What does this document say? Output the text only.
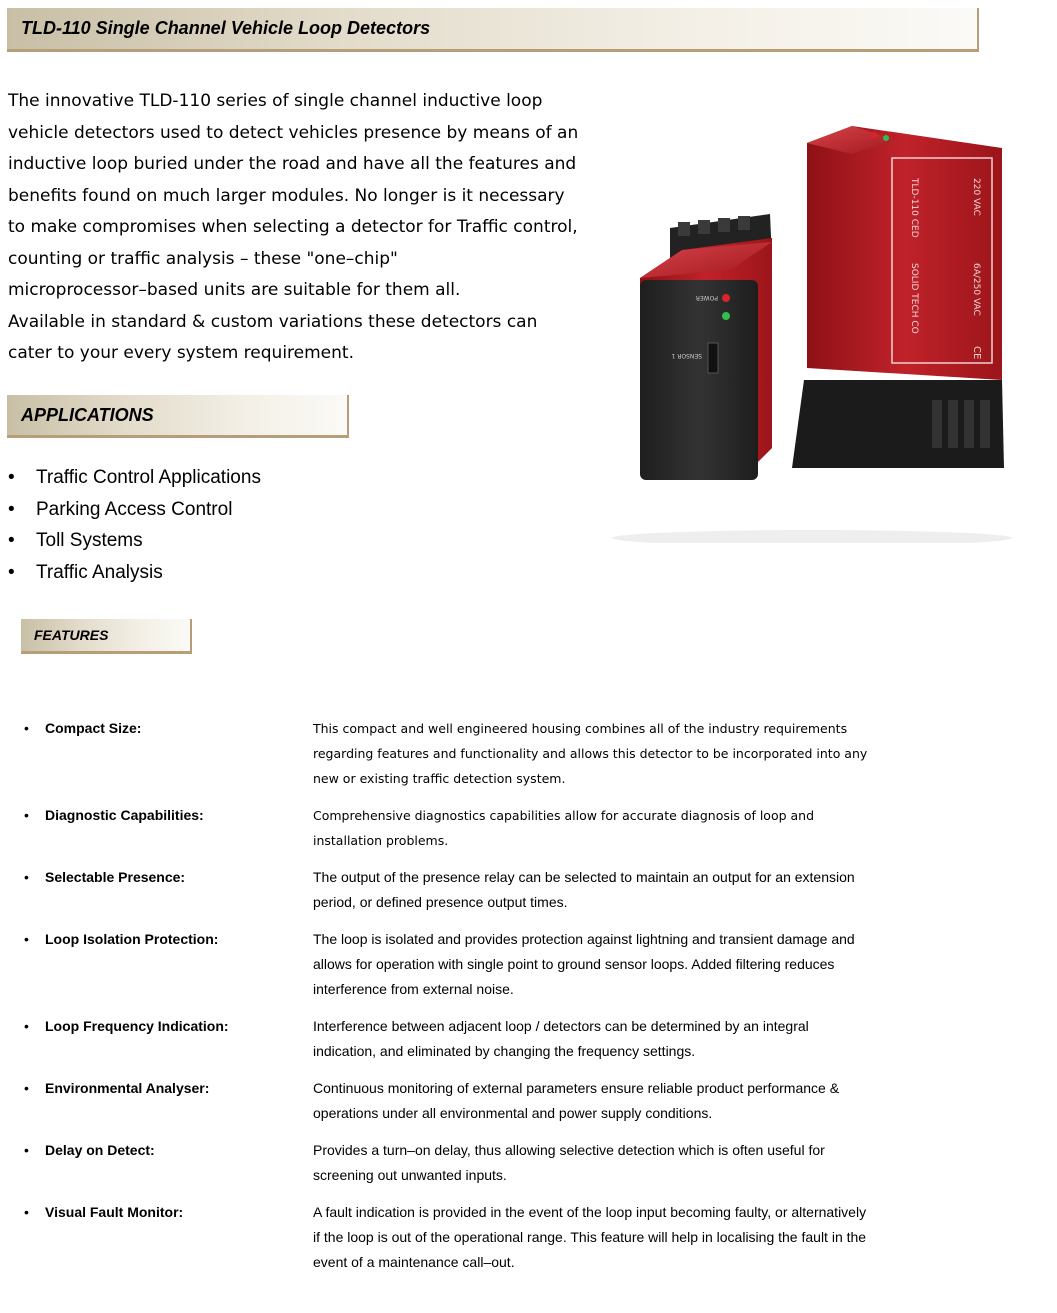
TLD-110 Single Channel Vehicle Loop Detectors
The innovative TLD-110 series of single channel inductive loop
vehicle detectors used to detect vehicles presence by means of an
inductive loop buried under the road and have all the features and
benefits found on much larger modules. No longer is it necessary
to make compromises when selecting a detector for Traffic control,
counting or traffic analysis – these "one–chip"
microprocessor–based units are suitable for them all.
Available in standard & custom variations these detectors can
cater to your every system requirement.
APPLICATIONS
• Traffic Control Applications
• Parking Access Control
• Toll Systems
• Traffic Analysis
FEATURES
• Compact Size:	This compact and well engineered housing combines all of the industry requirements regarding features and functionality and allows this detector to be incorporated into any new or existing traffic detection system.
• Diagnostic Capabilities:	Comprehensive diagnostics capabilities allow for accurate diagnosis of loop and installation problems.
• Selectable Presence:	The output of the presence relay can be selected to maintain an output for an extension period, or defined presence output times.
• Loop Isolation Protection:	The loop is isolated and provides protection against lightning and transient damage and allows for operation with single point to ground sensor loops. Added filtering reduces interference from external noise.
• Loop Frequency Indication:	Interference between adjacent loop / detectors can be determined by an integral indication, and eliminated by changing the frequency settings.
• Environmental Analyser:	Continuous monitoring of external parameters ensure reliable product performance & operations under all environmental and power supply conditions.
• Delay on Detect:	Provides a turn–on delay, thus allowing selective detection which is often useful for screening out unwanted inputs.
• Visual Fault Monitor:	A fault indication is provided in the event of the loop input becoming faulty, or alternatively if the loop is out of the operational range. This feature will help in localising the fault in the event of a maintenance call–out.
TLD-110 CED	220 VAC
SOLID TECH CO	6A/250 VAC
CE
POWER
SENSOR 1
